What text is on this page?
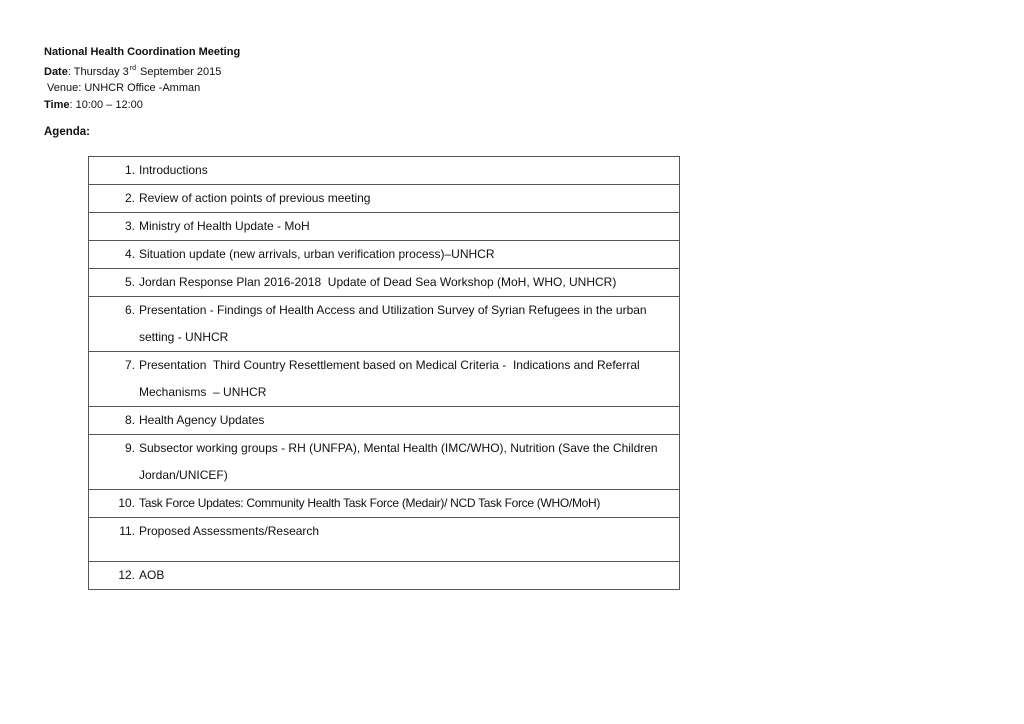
National Health Coordination Meeting
Date: Thursday 3rd September 2015
Venue: UNHCR Office -Amman
Time: 10:00 – 12:00
Agenda:
1. Introductions

2. Review of action points of previous meeting

3. Ministry of Health Update - MoH

4. Situation update (new arrivals, urban verification process)–UNHCR

5. Jordan Response Plan 2016-2018  Update of Dead Sea Workshop (MoH, WHO, UNHCR)

6. Presentation - Findings of Health Access and Utilization Survey of Syrian Refugees in the urban setting - UNHCR

7. Presentation  Third Country Resettlement based on Medical Criteria -  Indications and Referral Mechanisms  – UNHCR

8. Health Agency Updates

9. Subsector working groups - RH (UNFPA), Mental Health (IMC/WHO), Nutrition (Save the Children Jordan/UNICEF)

10. Task Force Updates: Community Health Task Force (Medair)/ NCD Task Force (WHO/MoH)

11. Proposed Assessments/Research

12. AOB
